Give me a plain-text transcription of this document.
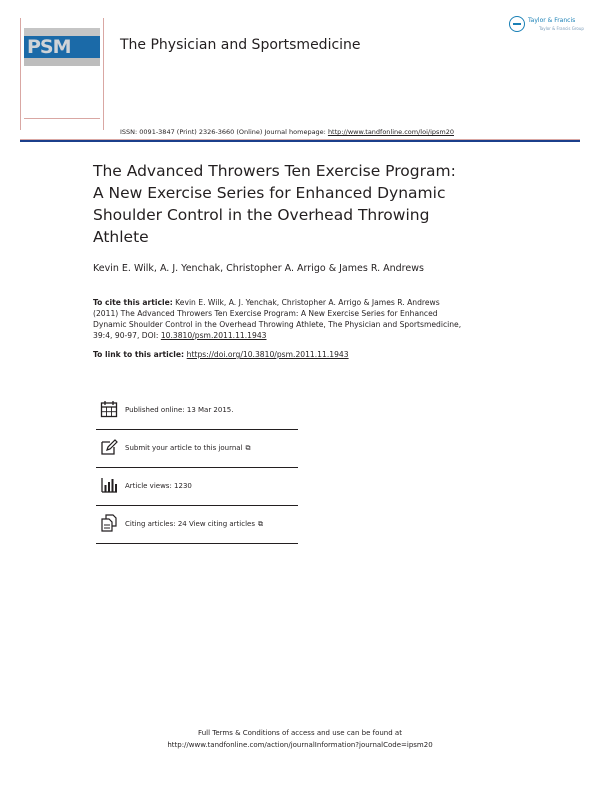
PSM	The Physician and Sportsmedicine
Taylor & Francis
Taylor & Francis Group
ISSN: 0091-3847 (Print) 2326-3660 (Online) Journal homepage: http://www.tandfonline.com/loi/ipsm20
The Advanced Throwers Ten Exercise Program:
A New Exercise Series for Enhanced Dynamic
Shoulder Control in the Overhead Throwing
Athlete
Kevin E. Wilk, A. J. Yenchak, Christopher A. Arrigo & James R. Andrews
To cite this article: Kevin E. Wilk, A. J. Yenchak, Christopher A. Arrigo & James R. Andrews
(2011) The Advanced Throwers Ten Exercise Program: A New Exercise Series for Enhanced
Dynamic Shoulder Control in the Overhead Throwing Athlete, The Physician and Sportsmedicine,
39:4, 90-97, DOI: 10.3810/psm.2011.11.1943
To link to this article: https://doi.org/10.3810/psm.2011.11.1943
Published online: 13 Mar 2015.
Submit your article to this journal ⧉
Article views: 1230
Citing articles: 24 View citing articles ⧉
Full Terms & Conditions of access and use can be found at
http://www.tandfonline.com/action/journalInformation?journalCode=ipsm20
